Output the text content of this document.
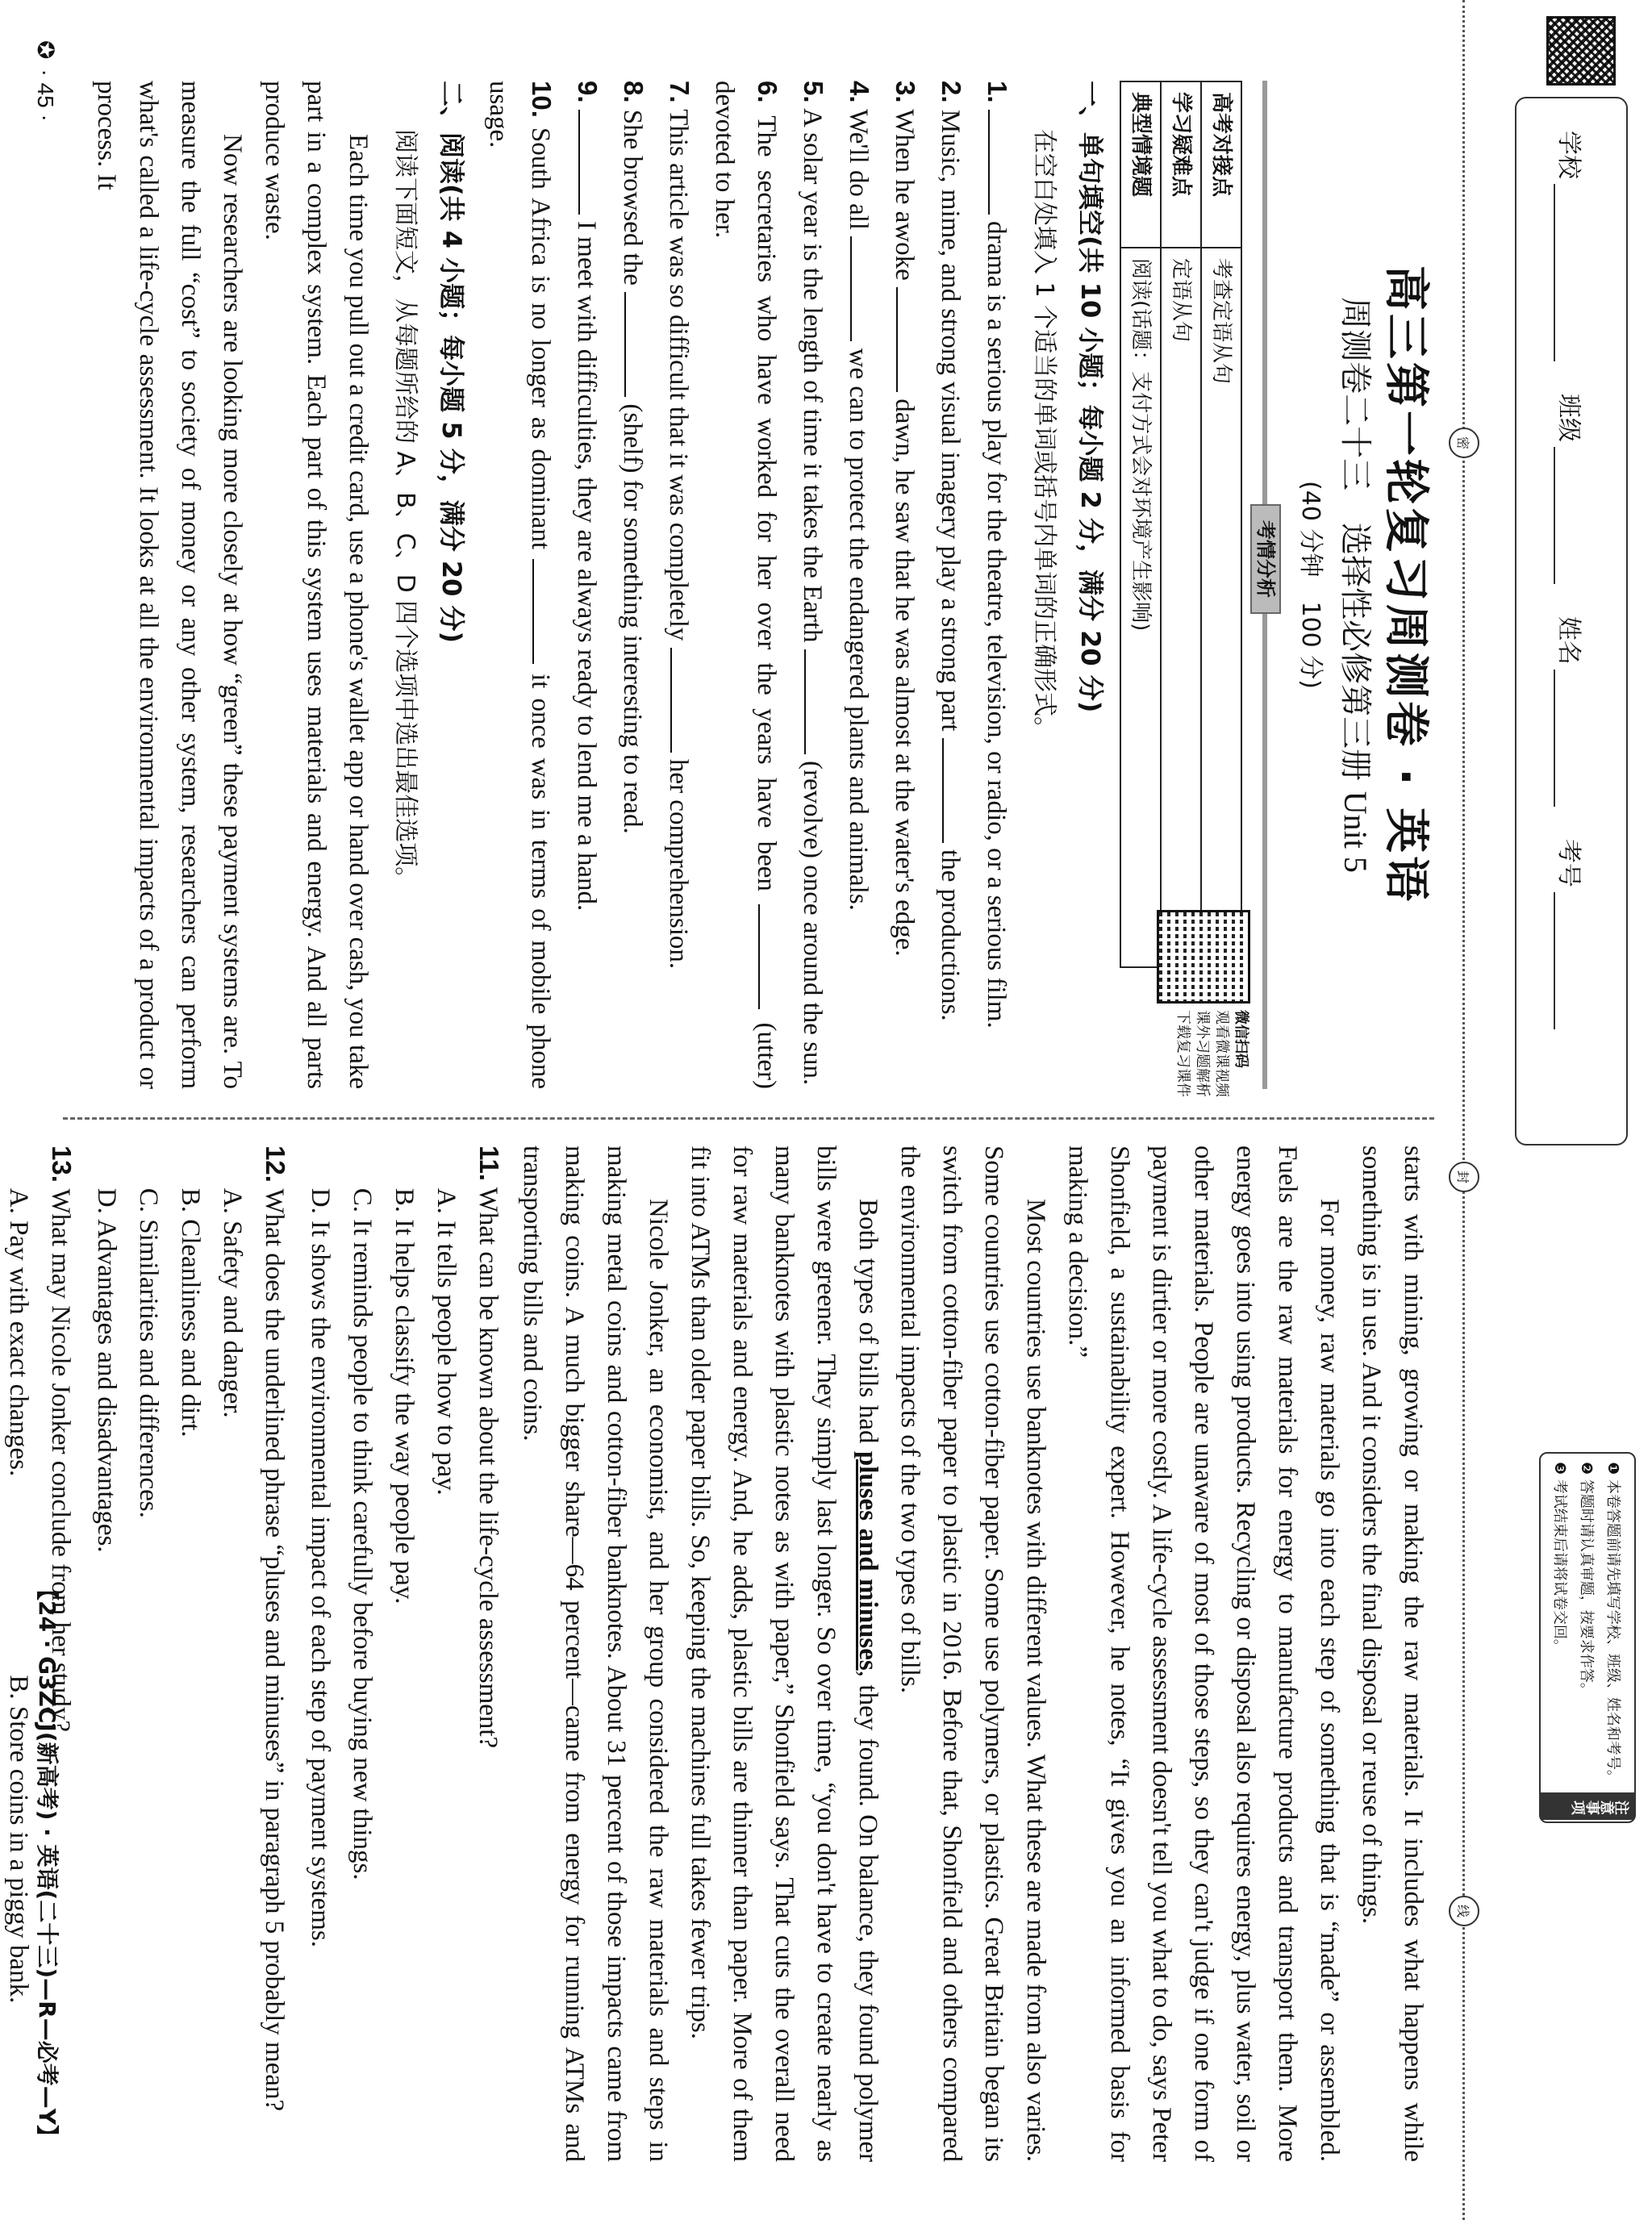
学校
班级
姓名
考号
❶ 本卷答题前请先填写学校、班级、姓名和考号。
❷ 答题时请认真审题，按要求作答。
❸ 考试结束后请将试卷交回。
注意事项
密
封
线
高三第一轮复习周测卷 · 英语
周测卷二十三　选择性必修第三册 Unit 5
(40 分钟　100 分)
考情分析
高考对接点	考查定语从句
学习疑难点	定语从句
典型情境题	阅读(话题：支付方式会对环境产生影响)
微信扫码
观看微课视频
课外习题解析
下载复习课件
一、单句填空(共 10 小题；每小题 2 分，满分 20 分)
在空白处填入 1 个适当的单词或括号内单词的正确形式。
1.  drama is a serious play for the theatre, television, or radio, or a serious film.
2. Music, mime, and strong visual imagery play a strong part  the productions.
3. When he awoke  dawn, he saw that he was almost at the water's edge.
4. We'll do all  we can to protect the endangered plants and animals.
5. A solar year is the length of time it takes the Earth  (revolve) once around the sun.
6. The secretaries who have worked for her over the years have been  (utter) devoted to her.
7. This article was so difficult that it was completely  her comprehension.
8. She browsed the  (shelf) for something interesting to read.
9.  I meet with difficulties, they are always ready to lend me a hand.
10. South Africa is no longer as dominant  it once was in terms of mobile phone usage.
二、阅读(共 4 小题；每小题 5 分，满分 20 分)
阅读下面短文，从每题所给的 A、B、C、D 四个选项中选出最佳选项。

Each time you pull out a credit card, use a phone's wallet app or hand over cash, you take part in a complex system. Each part of this system uses materials and energy. And all parts produce waste.

Now researchers are looking more closely at how “green” these payment systems are. To measure the full “cost” to society of money or any other system, researchers can perform what's called a life-cycle assessment. It looks at all the environmental impacts of a product or process. It

starts with mining, growing or making the raw materials. It includes what happens while something is in use. And it considers the final disposal or reuse of things.

For money, raw materials go into each step of something that is “made” or assembled. Fuels are the raw materials for energy to manufacture products and transport them. More energy goes into using products. Recycling or disposal also requires energy, plus water, soil or other materials. People are unaware of most of those steps, so they can't judge if one form of payment is dirtier or more costly. A life-cycle assessment doesn't tell you what to do, says Peter Shonfield, a sustainability expert. However, he notes, “It gives you an informed basis for making a decision.”

Most countries use banknotes with different values. What these are made from also varies. Some countries use cotton-fiber paper. Some use polymers, or plastics. Great Britain began its switch from cotton-fiber paper to plastic in 2016. Before that, Shonfield and others compared the environmental impacts of the two types of bills.

Both types of bills had pluses and minuses, they found. On balance, they found polymer bills were greener. They simply last longer. So over time, “you don't have to create nearly as many banknotes with plastic notes as with paper,” Shonfield says. That cuts the overall need for raw materials and energy. And, he adds, plastic bills are thinner than paper. More of them fit into ATMs than older paper bills. So, keeping the machines full takes fewer trips.

Nicole Jonker, an economist, and her group considered the raw materials and steps in making metal coins and cotton-fiber banknotes. About 31 percent of those impacts came from making coins. A much bigger share—64 percent—came from energy for running ATMs and transporting bills and coins.

11. What can be known about the life-cycle assessment?
A. It tells people how to pay.
B. It helps classify the way people pay.
C. It reminds people to think carefully before buying new things.
D. It shows the environmental impact of each step of payment systems.
12. What does the underlined phrase “pluses and minuses” in paragraph 5 probably mean?
A. Safety and danger.
B. Cleanliness and dirt.
C. Similarities and differences.
D. Advantages and disadvantages.
13. What may Nicole Jonker conclude from her study?
A. Pay with exact changes.
B. Store coins in a piggy bank.
✪
· 45 ·
【24 · G3ZCJ(新高考) · 英语(二十三)—R—必考—Y】
